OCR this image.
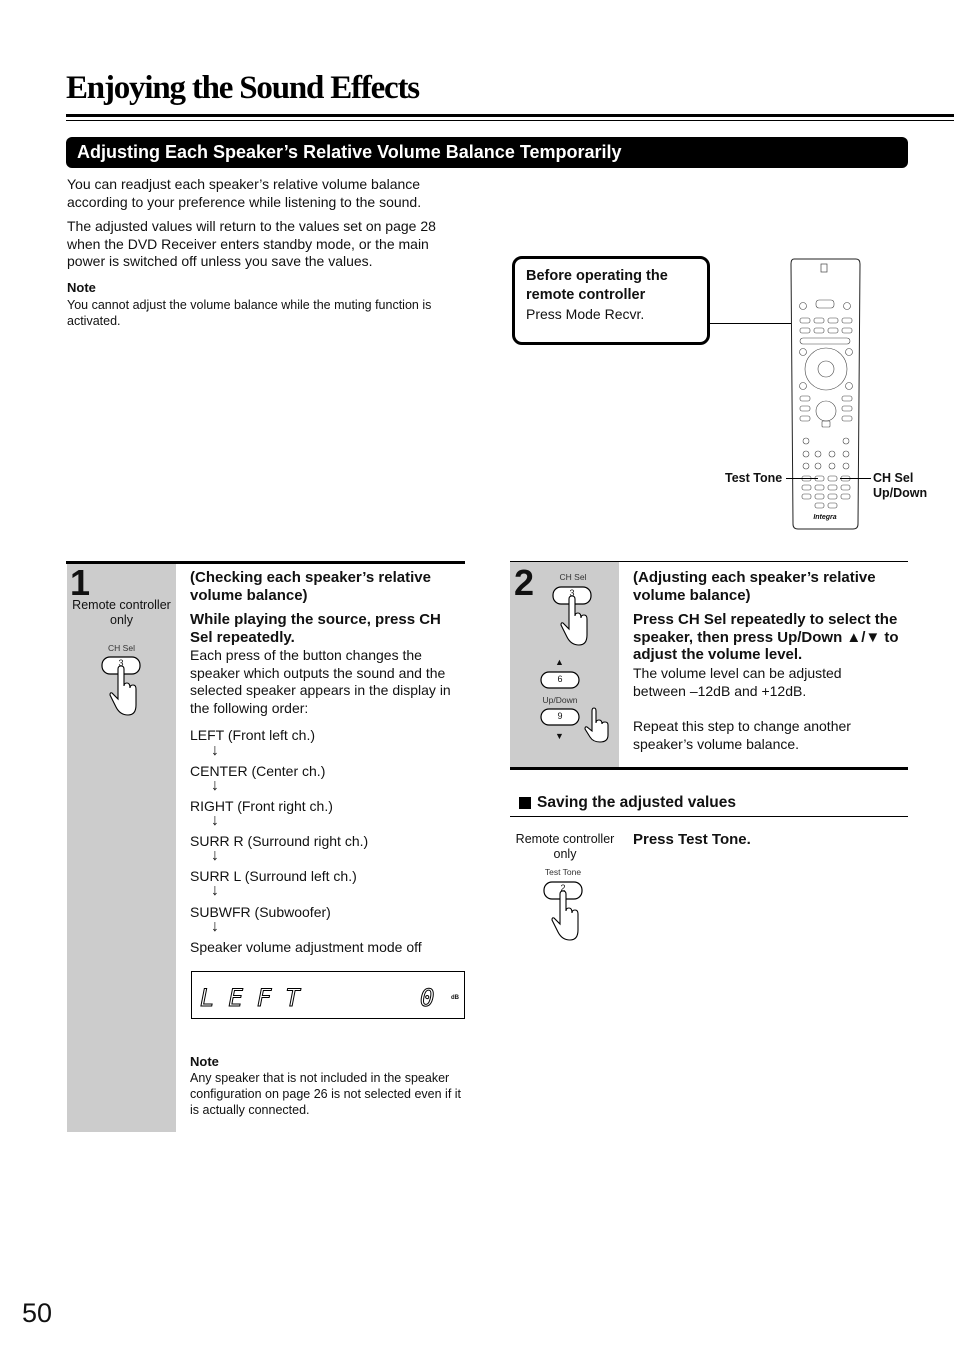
Enjoying the Sound Effects
Adjusting Each Speaker’s Relative Volume Balance Temporarily
You can readjust each speaker’s relative volume balance according to your preference while listening to the sound.
The adjusted values will return to the values set on page 28 when the DVD Receiver enters standby mode, or the main power is switched off unless you save the values.
Note
You cannot adjust the volume balance while the muting function is activated.
Before operating the remote controller
Press Mode Recvr.
Integra
Test Tone	CH Sel
Up/Down
1
Remote controller only
CH Sel
3
(Checking each speaker’s relative volume balance)
While playing the source, press CH Sel repeatedly.
Each press of the button changes the speaker which outputs the sound and the selected speaker appears in the display in the following order:
LEFT (Front left ch.)
↓
CENTER (Center ch.)
↓
RIGHT (Front right ch.)
↓
SURR R (Surround right ch.)
↓
SURR L (Surround left ch.)
↓
SUBWFR (Subwoofer)
↓
Speaker volume adjustment mode off
LEFT	0	dB
Note
Any speaker that is not included in the speaker configuration on page 26 is not selected even if it is actually connected.
2	CH Sel
3
▲
6
Up/Down
9
▼
(Adjusting each speaker’s relative volume balance)
Press CH Sel repeatedly to select the speaker, then press Up/Down ▲/▼ to adjust the volume level.
The volume level can be adjusted between –12dB and +12dB.
Repeat this step to change another speaker’s volume balance.
Saving the adjusted values
Remote controller only
Test Tone
2
Press Test Tone.
50
